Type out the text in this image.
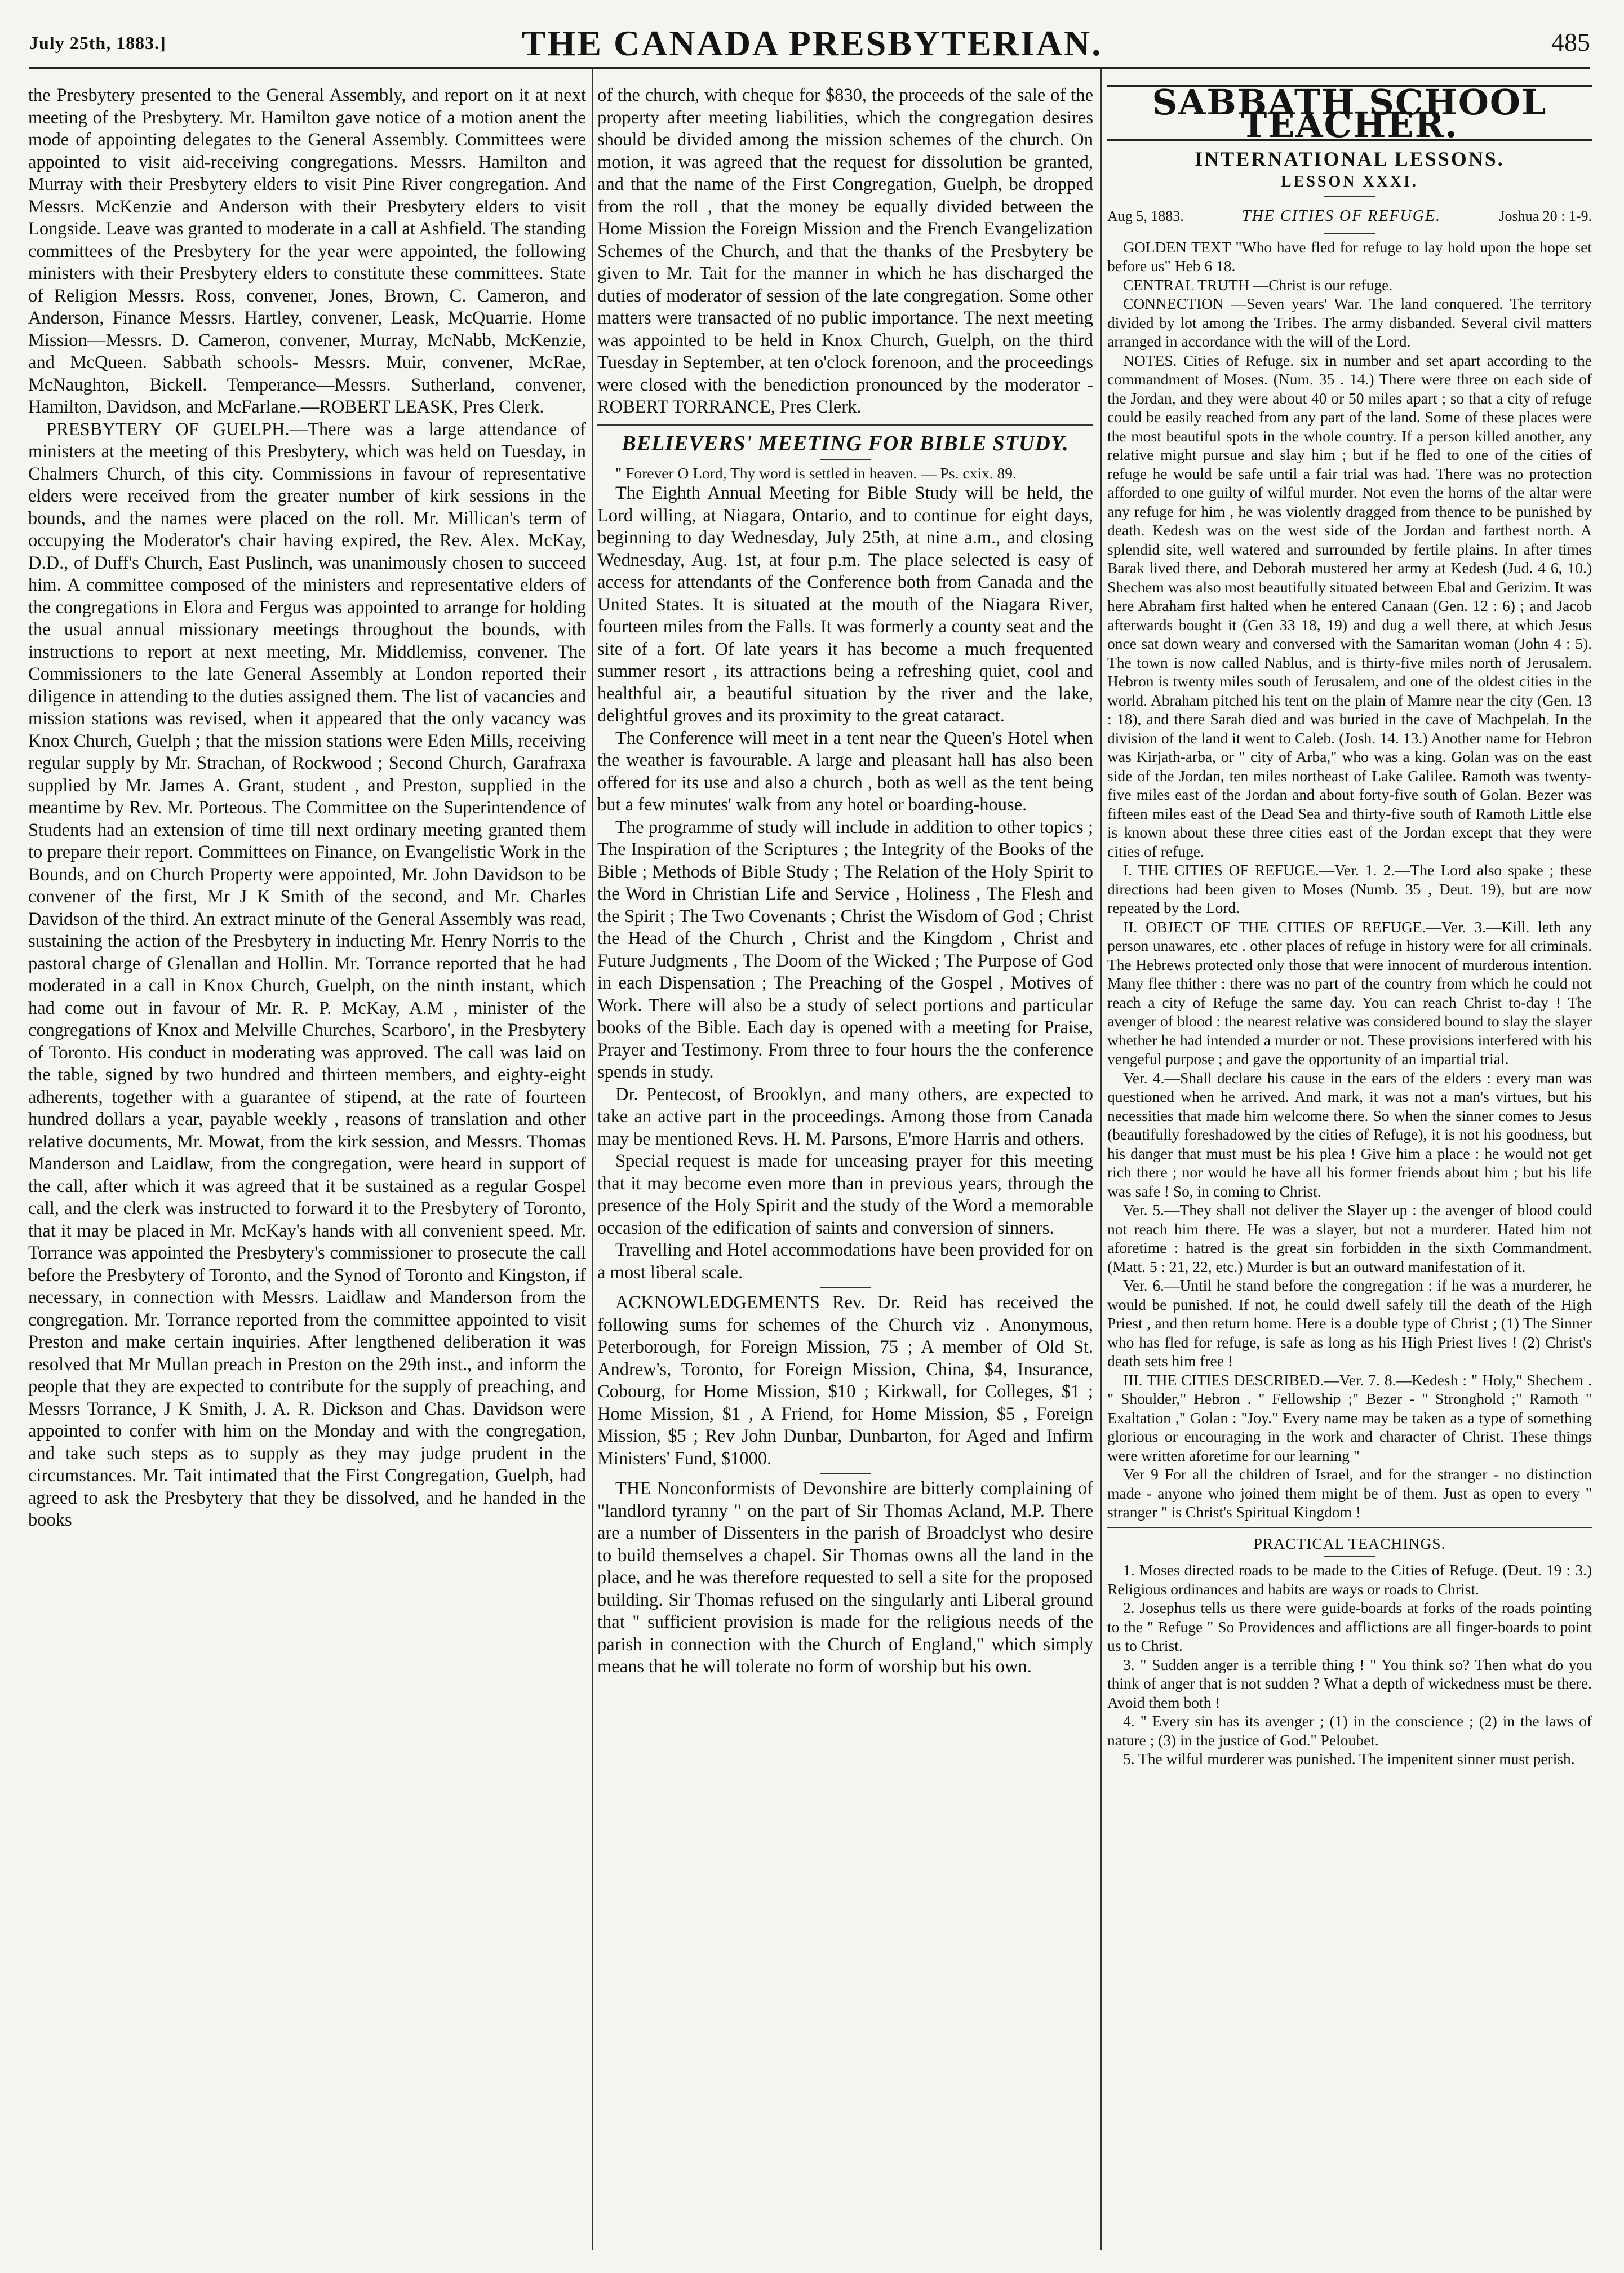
July 25th, 1883.]	THE CANADA PRESBYTERIAN.	485

the Presbytery presented to the General Assembly, and report on it at next meeting of the Presbytery. Mr. Hamilton gave notice of a motion anent the mode of appointing delegates to the General Assembly. Committees were appointed to visit aid-receiving congregations. Messrs. Hamilton and Murray with their Presbytery elders to visit Pine River congregation. And Messrs. McKenzie and Anderson with their Presbytery elders to visit Longside. Leave was granted to moderate in a call at Ashfield. The standing committees of the Presbytery for the year were appointed, the following ministers with their Presbytery elders to constitute these committees. State of Religion Messrs. Ross, convener, Jones, Brown, C. Cameron, and Anderson, Finance Messrs. Hartley, convener, Leask, McQuarrie. Home Mission—Messrs. D. Cameron, convener, Murray, McNabb, McKenzie, and McQueen. Sabbath schools- Messrs. Muir, convener, McRae, McNaughton, Bickell. Temperance—Messrs. Sutherland, convener, Hamilton, Davidson, and McFarlane.—ROBERT LEASK, Pres Clerk.

PRESBYTERY OF GUELPH.—There was a large attendance of ministers at the meeting of this Presbytery, which was held on Tuesday, in Chalmers Church, of this city. Commissions in favour of representative elders were received from the greater number of kirk sessions in the bounds, and the names were placed on the roll. Mr. Millican's term of occupying the Moderator's chair having expired, the Rev. Alex. McKay, D.D., of Duff's Church, East Puslinch, was unanimously chosen to succeed him. A committee composed of the ministers and representative elders of the congregations in Elora and Fergus was appointed to arrange for holding the usual annual missionary meetings throughout the bounds, with instructions to report at next meeting, Mr. Middlemiss, convener. The Commissioners to the late General Assembly at London reported their diligence in attending to the duties assigned them. The list of vacancies and mission stations was revised, when it appeared that the only vacancy was Knox Church, Guelph ; that the mission stations were Eden Mills, receiving regular supply by Mr. Strachan, of Rockwood ; Second Church, Garafraxa supplied by Mr. James A. Grant, student , and Preston, supplied in the meantime by Rev. Mr. Porteous. The Committee on the Superintendence of Students had an extension of time till next ordinary meeting granted them to prepare their report. Committees on Finance, on Evangelistic Work in the Bounds, and on Church Property were appointed, Mr. John Davidson to be convener of the first, Mr J K Smith of the second, and Mr. Charles Davidson of the third. An extract minute of the General Assembly was read, sustaining the action of the Presbytery in inducting Mr. Henry Norris to the pastoral charge of Glenallan and Hollin. Mr. Torrance reported that he had moderated in a call in Knox Church, Guelph, on the ninth instant, which had come out in favour of Mr. R. P. McKay, A.M , minister of the congregations of Knox and Melville Churches, Scarboro', in the Presbytery of Toronto. His conduct in moderating was approved. The call was laid on the table, signed by two hundred and thirteen members, and eighty-eight adherents, together with a guarantee of stipend, at the rate of fourteen hundred dollars a year, payable weekly , reasons of translation and other relative documents, Mr. Mowat, from the kirk session, and Messrs. Thomas Manderson and Laidlaw, from the congregation, were heard in support of the call, after which it was agreed that it be sustained as a regular Gospel call, and the clerk was instructed to forward it to the Presbytery of Toronto, that it may be placed in Mr. McKay's hands with all convenient speed. Mr. Torrance was appointed the Presbytery's commissioner to prosecute the call before the Presbytery of Toronto, and the Synod of Toronto and Kingston, if necessary, in connection with Messrs. Laidlaw and Manderson from the congregation. Mr. Torrance reported from the committee appointed to visit Preston and make certain inquiries. After lengthened deliberation it was resolved that Mr Mullan preach in Preston on the 29th inst., and inform the people that they are expected to contribute for the supply of preaching, and Messrs Torrance, J K Smith, J. A. R. Dickson and Chas. Davidson were appointed to confer with him on the Monday and with the congregation, and take such steps as to supply as they may judge prudent in the circumstances. Mr. Tait intimated that the First Congregation, Guelph, had agreed to ask the Presbytery that they be dissolved, and he handed in the books

of the church, with cheque for $830, the proceeds of the sale of the property after meeting liabilities, which the congregation desires should be divided among the mission schemes of the church. On motion, it was agreed that the request for dissolution be granted, and that the name of the First Congregation, Guelph, be dropped from the roll , that the money be equally divided between the Home Mission the Foreign Mission and the French Evangelization Schemes of the Church, and that the thanks of the Presbytery be given to Mr. Tait for the manner in which he has discharged the duties of moderator of session of the late congregation. Some other matters were transacted of no public importance. The next meeting was appointed to be held in Knox Church, Guelph, on the third Tuesday in September, at ten o'clock forenoon, and the proceedings were closed with the benediction pronounced by the moderator - ROBERT TORRANCE, Pres Clerk.

BELIEVERS' MEETING FOR BIBLE STUDY.

" Forever O Lord, Thy word is settled in heaven. — Ps. cxix. 89.

The Eighth Annual Meeting for Bible Study will be held, the Lord willing, at Niagara, Ontario, and to continue for eight days, beginning to day Wednesday, July 25th, at nine a.m., and closing Wednesday, Aug. 1st, at four p.m. The place selected is easy of access for attendants of the Conference both from Canada and the United States. It is situated at the mouth of the Niagara River, fourteen miles from the Falls. It was formerly a county seat and the site of a fort. Of late years it has become a much frequented summer resort , its attractions being a refreshing quiet, cool and healthful air, a beautiful situation by the river and the lake, delightful groves and its proximity to the great cataract.

The Conference will meet in a tent near the Queen's Hotel when the weather is favourable. A large and pleasant hall has also been offered for its use and also a church , both as well as the tent being but a few minutes' walk from any hotel or boarding-house.

The programme of study will include in addition to other topics ; The Inspiration of the Scriptures ; the Integrity of the Books of the Bible ; Methods of Bible Study ; The Relation of the Holy Spirit to the Word in Christian Life and Service , Holiness , The Flesh and the Spirit ; The Two Covenants ; Christ the Wisdom of God ; Christ the Head of the Church , Christ and the Kingdom , Christ and Future Judgments , The Doom of the Wicked ; The Purpose of God in each Dispensation ; The Preaching of the Gospel , Motives of Work. There will also be a study of select portions and particular books of the Bible. Each day is opened with a meeting for Praise, Prayer and Testimony. From three to four hours the the conference spends in study.

Dr. Pentecost, of Brooklyn, and many others, are expected to take an active part in the proceedings. Among those from Canada may be mentioned Revs. H. M. Parsons, E'more Harris and others.

Special request is made for unceasing prayer for this meeting that it may become even more than in previous years, through the presence of the Holy Spirit and the study of the Word a memorable occasion of the edification of saints and conversion of sinners.

Travelling and Hotel accommodations have been provided for on a most liberal scale.

ACKNOWLEDGEMENTS Rev. Dr. Reid has received the following sums for schemes of the Church viz . Anonymous, Peterborough, for Foreign Mission, 75 ; A member of Old St. Andrew's, Toronto, for Foreign Mission, China, $4, Insurance, Cobourg, for Home Mission, $10 ; Kirkwall, for Colleges, $1 ; Home Mission, $1 , A Friend, for Home Mission, $5 , Foreign Mission, $5 ; Rev John Dunbar, Dunbarton, for Aged and Infirm Ministers' Fund, $1000.

THE Nonconformists of Devonshire are bitterly complaining of "landlord tyranny " on the part of Sir Thomas Acland, M.P. There are a number of Dissenters in the parish of Broadclyst who desire to build themselves a chapel. Sir Thomas owns all the land in the place, and he was therefore requested to sell a site for the proposed building. Sir Thomas refused on the singularly anti Liberal ground that " sufficient provision is made for the religious needs of the parish in connection with the Church of England," which simply means that he will tolerate no form of worship but his own.

SABBATH SCHOOL TEACHER.
INTERNATIONAL LESSONS.
LESSON XXXI.
Aug 5, 1883.	THE CITIES OF REFUGE.	Joshua 20 : 1-9.

GOLDEN TEXT "Who have fled for refuge to lay hold upon the hope set before us" Heb 6 18.

CENTRAL TRUTH —Christ is our refuge.

CONNECTION —Seven years' War. The land conquered. The territory divided by lot among the Tribes. The army disbanded. Several civil matters arranged in accordance with the will of the Lord.

NOTES. Cities of Refuge. six in number and set apart according to the commandment of Moses. (Num. 35 . 14.) There were three on each side of the Jordan, and they were about 40 or 50 miles apart ; so that a city of refuge could be easily reached from any part of the land. Some of these places were the most beautiful spots in the whole country. If a person killed another, any relative might pursue and slay him ; but if he fled to one of the cities of refuge he would be safe until a fair trial was had. There was no protection afforded to one guilty of wilful murder. Not even the horns of the altar were any refuge for him , he was violently dragged from thence to be punished by death. Kedesh was on the west side of the Jordan and farthest north. A splendid site, well watered and surrounded by fertile plains. In after times Barak lived there, and Deborah mustered her army at Kedesh (Jud. 4 6, 10.) Shechem was also most beautifully situated between Ebal and Gerizim. It was here Abraham first halted when he entered Canaan (Gen. 12 : 6) ; and Jacob afterwards bought it (Gen 33 18, 19) and dug a well there, at which Jesus once sat down weary and conversed with the Samaritan woman (John 4 : 5). The town is now called Nablus, and is thirty-five miles north of Jerusalem. Hebron is twenty miles south of Jerusalem, and one of the oldest cities in the world. Abraham pitched his tent on the plain of Mamre near the city (Gen. 13 : 18), and there Sarah died and was buried in the cave of Machpelah. In the division of the land it went to Caleb. (Josh. 14. 13.) Another name for Hebron was Kirjath-arba, or " city of Arba," who was a king. Golan was on the east side of the Jordan, ten miles northeast of Lake Galilee. Ramoth was twenty-five miles east of the Jordan and about forty-five south of Golan. Bezer was fifteen miles east of the Dead Sea and thirty-five south of Ramoth Little else is known about these three cities east of the Jordan except that they were cities of refuge.

I. THE CITIES OF REFUGE.—Ver. 1. 2.—The Lord also spake ; these directions had been given to Moses (Numb. 35 , Deut. 19), but are now repeated by the Lord.

II. OBJECT OF THE CITIES OF REFUGE.—Ver. 3.—Kill. leth any person unawares, etc . other places of refuge in history were for all criminals. The Hebrews protected only those that were innocent of murderous intention. Many flee thither : there was no part of the country from which he could not reach a city of Refuge the same day. You can reach Christ to-day ! The avenger of blood : the nearest relative was considered bound to slay the slayer whether he had intended a murder or not. These provisions interfered with his vengeful purpose ; and gave the opportunity of an impartial trial.

Ver. 4.—Shall declare his cause in the ears of the elders : every man was questioned when he arrived. And mark, it was not a man's virtues, but his necessities that made him welcome there. So when the sinner comes to Jesus (beautifully foreshadowed by the cities of Refuge), it is not his goodness, but his danger that must must be his plea ! Give him a place : he would not get rich there ; nor would he have all his former friends about him ; but his life was safe ! So, in coming to Christ.

Ver. 5.—They shall not deliver the Slayer up : the avenger of blood could not reach him there. He was a slayer, but not a murderer. Hated him not aforetime : hatred is the great sin forbidden in the sixth Commandment. (Matt. 5 : 21, 22, etc.) Murder is but an outward manifestation of it.

Ver. 6.—Until he stand before the congregation : if he was a murderer, he would be punished. If not, he could dwell safely till the death of the High Priest , and then return home. Here is a double type of Christ ; (1) The Sinner who has fled for refuge, is safe as long as his High Priest lives ! (2) Christ's death sets him free !

III. THE CITIES DESCRIBED.—Ver. 7. 8.—Kedesh : " Holy," Shechem . " Shoulder," Hebron . " Fellowship ;" Bezer - " Stronghold ;" Ramoth " Exaltation ," Golan : "Joy." Every name may be taken as a type of something glorious or encouraging in the work and character of Christ. These things were written aforetime for our learning "

Ver 9 For all the children of Israel, and for the stranger - no distinction made - anyone who joined them might be of them. Just as open to every " stranger " is Christ's Spiritual Kingdom !

PRACTICAL TEACHINGS.

1. Moses directed roads to be made to the Cities of Refuge. (Deut. 19 : 3.) Religious ordinances and habits are ways or roads to Christ.

2. Josephus tells us there were guide-boards at forks of the roads pointing to the " Refuge " So Providences and afflictions are all finger-boards to point us to Christ.

3. " Sudden anger is a terrible thing ! " You think so? Then what do you think of anger that is not sudden ? What a depth of wickedness must be there. Avoid them both !

4. " Every sin has its avenger ; (1) in the conscience ; (2) in the laws of nature ; (3) in the justice of God." Peloubet.

5. The wilful murderer was punished. The impenitent sinner must perish.
